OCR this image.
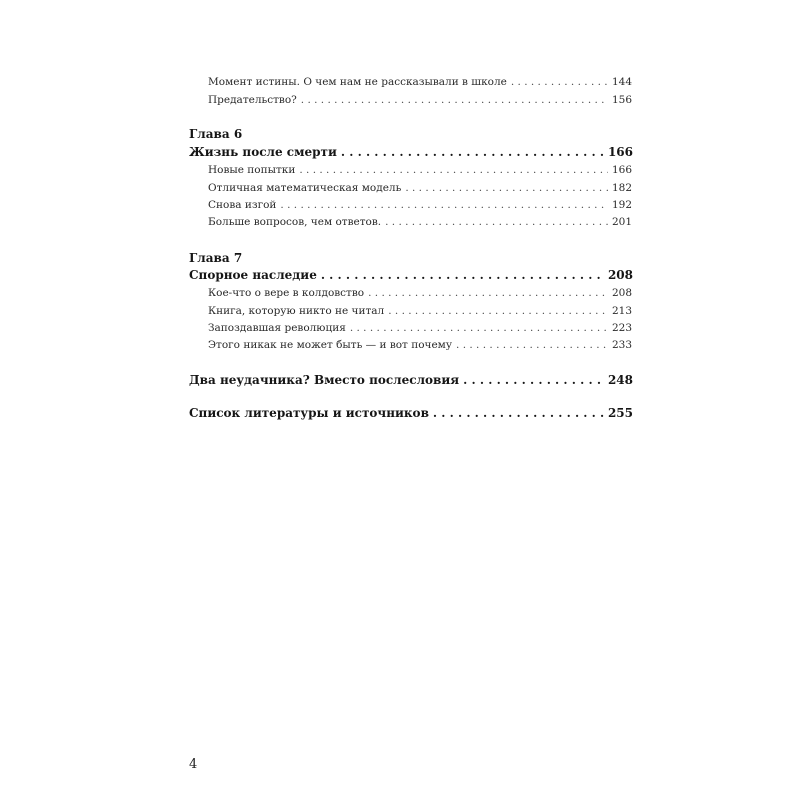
Момент истины. О чем нам не рассказывали в школе . . .	144
Предательство? . . .	156
Глава 6
Жизнь после смерти . . .	166
Новые попытки . . .	166
Отличная математическая модель . . .	182
Снова изгой . . .	192
Больше вопросов, чем ответов. . . .	201
Глава 7
Спорное наследие . . .	208
Кое-что о вере в колдовство . . .	208
Книга, которую никто не читал . . .	213
Запоздавшая революция . . .	223
Этого никак не может быть — и вот почему . . .	233
Два неудачника? Вместо послесловия . . .	248
Список литературы и источников . . .	255
4
